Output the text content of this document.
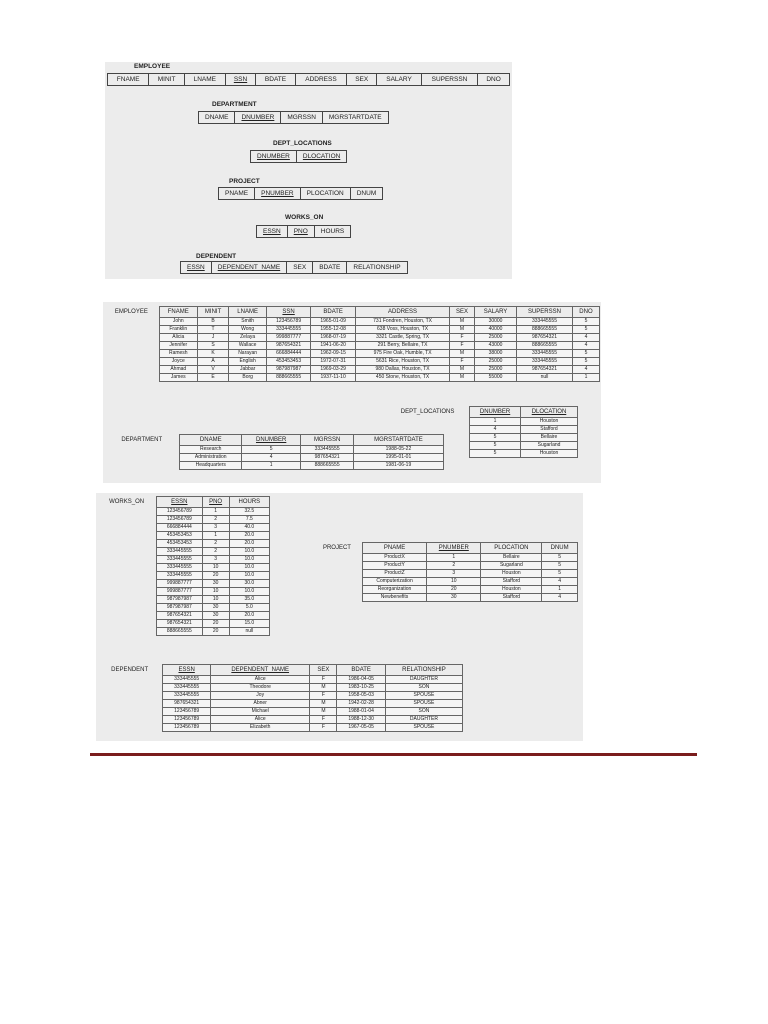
EMPLOYEE
FNAME	MINIT	LNAME	SSN	BDATE	ADDRESS	SEX	SALARY	SUPERSSN	DNO
DEPARTMENT
DNAME	DNUMBER	MGRSSN	MGRSTARTDATE
DEPT_LOCATIONS
DNUMBER	DLOCATION
PROJECT
PNAME	PNUMBER	PLOCATION	DNUM
WORKS_ON
ESSN	PNO	HOURS
DEPENDENT
ESSN	DEPENDENT_NAME	SEX	BDATE	RELATIONSHIP
EMPLOYEE	FNAME	MINIT	LNAME	SSN	BDATE	ADDRESS	SEX	SALARY	SUPERSSN	DNO
	John	B	Smith	123456789	1965-01-09	731 Fondren, Houston, TX	M	30000	333445555	5
	Franklin	T	Wong	333445555	1955-12-08	638 Voss, Houston, TX	M	40000	888665555	5
	Alicia	J	Zelaya	999887777	1968-07-19	3321 Castle, Spring, TX	F	25000	987654321	4
	Jennifer	S	Wallace	987654321	1941-06-20	291 Berry, Bellaire, TX	F	43000	888665555	4
	Ramesh	K	Narayan	666884444	1962-09-15	975 Fire Oak, Humble, TX	M	38000	333445555	5
	Joyce	A	English	453453453	1972-07-31	5631 Rice, Houston, TX	F	25000	333445555	5
	Ahmad	V	Jabbar	987987987	1969-03-29	980 Dallas, Houston, TX	M	25000	987654321	4
	James	E	Borg	888665555	1937-11-10	450 Stone, Houston, TX	M	55000	null	1
DEPT_LOCATIONS	DNUMBER	DLOCATION
	1	Houston
	4	Stafford
	5	Bellaire
	5	Sugarland
	5	Houston
DEPARTMENT	DNAME	DNUMBER	MGRSSN	MGRSTARTDATE
	Research	5	333445555	1988-05-22
	Administration	4	987654321	1995-01-01
	Headquarters	1	888665555	1981-06-19
WORKS_ON	ESSN	PNO	HOURS
	123456789	1	32.5
	123456789	2	7.5
	666884444	3	40.0
	453453453	1	20.0
	453453453	2	20.0
	333445555	2	10.0
	333445555	3	10.0
	333445555	10	10.0
	333445555	20	10.0
	999887777	30	30.0
	999887777	10	10.0
	987987987	10	35.0
	987987987	30	5.0
	987654321	30	20.0
	987654321	20	15.0
	888665555	20	null
PROJECT	PNAME	PNUMBER	PLOCATION	DNUM
	ProductX	1	Bellaire	5
	ProductY	2	Sugarland	5
	ProductZ	3	Houston	5
	Computerization	10	Stafford	4
	Reorganization	20	Houston	1
	Newbenefits	30	Stafford	4
DEPENDENT	ESSN	DEPENDENT_NAME	SEX	BDATE	RELATIONSHIP
	333445555	Alice	F	1986-04-05	DAUGHTER
	333445555	Theodore	M	1983-10-25	SON
	333445555	Joy	F	1958-05-03	SPOUSE
	987654321	Abner	M	1942-02-28	SPOUSE
	123456789	Michael	M	1988-01-04	SON
	123456789	Alice	F	1988-12-30	DAUGHTER
	123456789	Elizabeth	F	1967-05-05	SPOUSE
